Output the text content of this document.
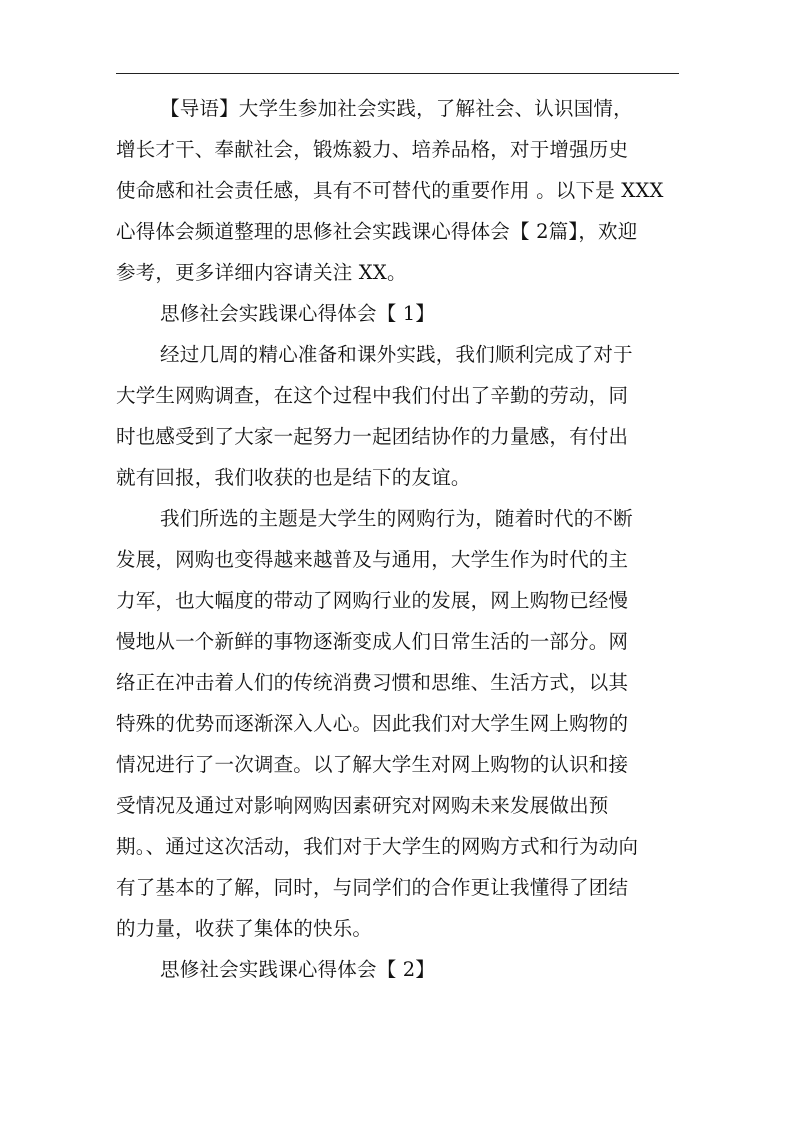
【导语】大学生参加社会实践，了解社会、认识国情，
增长才干、奉献社会，锻炼毅力、培养品格，对于增强历史
使命感和社会责任感，具有不可替代的重要作用 。以下是 XXX
心得体会频道整理的思修社会实践课心得体会【 2篇】，欢迎
参考，更多详细内容请关注 XX。
思修社会实践课心得体会【 1】
经过几周的精心准备和课外实践，我们顺利完成了对于
大学生网购调查，在这个过程中我们付出了辛勤的劳动，同
时也感受到了大家一起努力一起团结协作的力量感，有付出
就有回报，我们收获的也是结下的友谊。
我们所选的主题是大学生的网购行为，随着时代的不断
发展，网购也变得越来越普及与通用，大学生作为时代的主
力军，也大幅度的带动了网购行业的发展，网上购物已经慢
慢地从一个新鲜的事物逐渐变成人们日常生活的一部分。网
络正在冲击着人们的传统消费习惯和思维、生活方式，以其
特殊的优势而逐渐深入人心。因此我们对大学生网上购物的
情况进行了一次调查。以了解大学生对网上购物的认识和接
受情况及通过对影响网购因素研究对网购未来发展做出预
期。、通过这次活动，我们对于大学生的网购方式和行为动向
有了基本的了解，同时，与同学们的合作更让我懂得了团结
的力量，收获了集体的快乐。
思修社会实践课心得体会【 2】
